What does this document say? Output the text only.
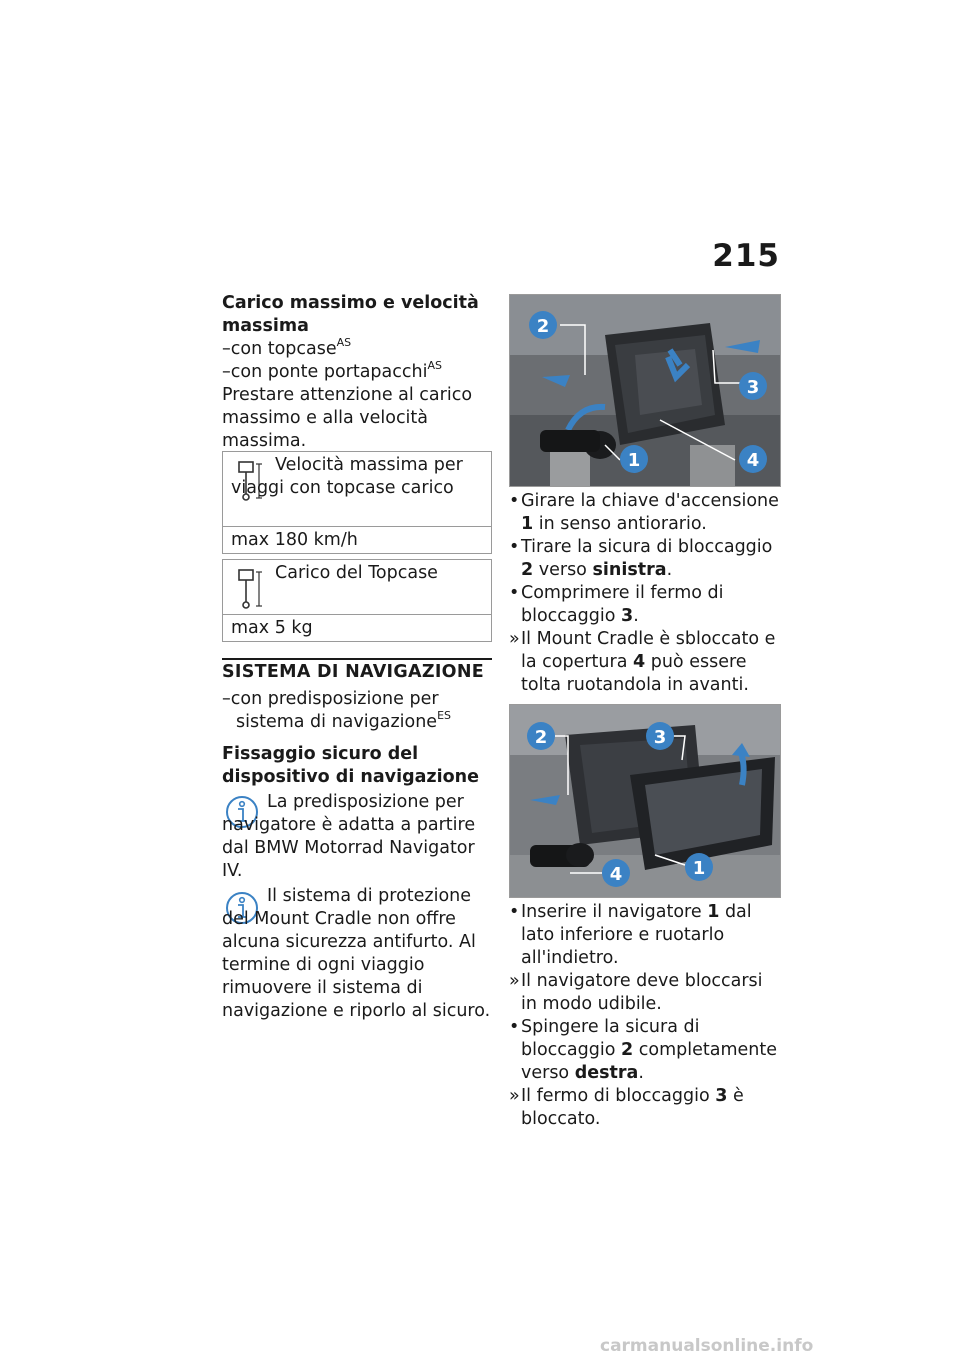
215
Carico massimo e velocità massima
–con topcase$^{AS}$
–con ponte portapacchi$^{AS}$
Prestare attenzione al carico massimo e alla velocità massima.
Velocità massima per viaggi con topcase carico
max 180 km/h
Carico del Topcase
max 5 kg
SISTEMA DI NAVIGAZIONE
–con predisposizione per sistema di navigazione$^{ES}$
Fissaggio sicuro del dispositivo di navigazione
La predisposizione per navigatore è adatta a partire dal BMW Motorrad Navigator IV.
Il sistema di protezione del Mount Cradle non offre alcuna sicurezza antifurto. Al termine di ogni viaggio rimuovere il sistema di navigazione e riporlo al sicuro.
2
3
1	4
• Girare la chiave d'accensione 1 in senso antiorario.
• Tirare la sicura di bloccaggio 2 verso sinistra.
• Comprimere il fermo di bloccaggio 3.
» Il Mount Cradle è sbloccato e la copertura 4 può essere tolta ruotandola in avanti.
2	3
4	1
• Inserire il navigatore 1 dal lato inferiore e ruotarlo all'indietro.
» Il navigatore deve bloccarsi in modo udibile.
• Spingere la sicura di bloccaggio 2 completamente verso destra.
» Il fermo di bloccaggio 3 è bloccato.
carmanualsonline.info
